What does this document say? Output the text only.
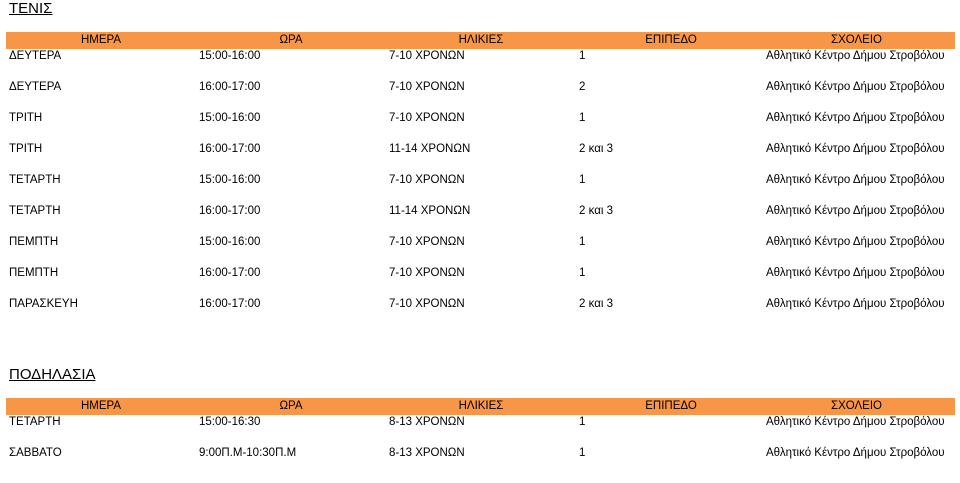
ΤΕΝΙΣ
ΗΜΕΡΑ	ΩΡΑ	ΗΛΙΚΙΕΣ	ΕΠΙΠΕΔΟ	ΣΧΟΛΕΙΟ
ΔΕΥΤΕΡΑ	15:00-16:00	7-10 ΧΡΟΝΩΝ	1	Αθλητικό Κέντρο Δήμου Στροβόλου
ΔΕΥΤΕΡΑ	16:00-17:00	7-10 ΧΡΟΝΩΝ	2	Αθλητικό Κέντρο Δήμου Στροβόλου
ΤΡΙΤΗ	15:00-16:00	7-10 ΧΡΟΝΩΝ	1	Αθλητικό Κέντρο Δήμου Στροβόλου
ΤΡΙΤΗ	16:00-17:00	11-14 ΧΡΟΝΩΝ	2 και 3	Αθλητικό Κέντρο Δήμου Στροβόλου
ΤΕΤΑΡΤΗ	15:00-16:00	7-10 ΧΡΟΝΩΝ	1	Αθλητικό Κέντρο Δήμου Στροβόλου
ΤΕΤΑΡΤΗ	16:00-17:00	11-14 ΧΡΟΝΩΝ	2 και 3	Αθλητικό Κέντρο Δήμου Στροβόλου
ΠΕΜΠΤΗ	15:00-16:00	7-10 ΧΡΟΝΩΝ	1	Αθλητικό Κέντρο Δήμου Στροβόλου
ΠΕΜΠΤΗ	16:00-17:00	7-10 ΧΡΟΝΩΝ	1	Αθλητικό Κέντρο Δήμου Στροβόλου
ΠΑΡΑΣΚΕΥΗ	16:00-17:00	7-10 ΧΡΟΝΩΝ	2 και 3	Αθλητικό Κέντρο Δήμου Στροβόλου
ΠΟΔΗΛΑΣΙΑ
ΗΜΕΡΑ	ΩΡΑ	ΗΛΙΚΙΕΣ	ΕΠΙΠΕΔΟ	ΣΧΟΛΕΙΟ
ΤΕΤΑΡΤΗ	15:00-16:30	8-13 ΧΡΟΝΩΝ	1	Αθλητικό Κέντρο Δήμου Στροβόλου
ΣΑΒΒΑΤΟ	9:00Π.Μ-10:30Π.Μ	8-13 ΧΡΟΝΩΝ	1	Αθλητικό Κέντρο Δήμου Στροβόλου
